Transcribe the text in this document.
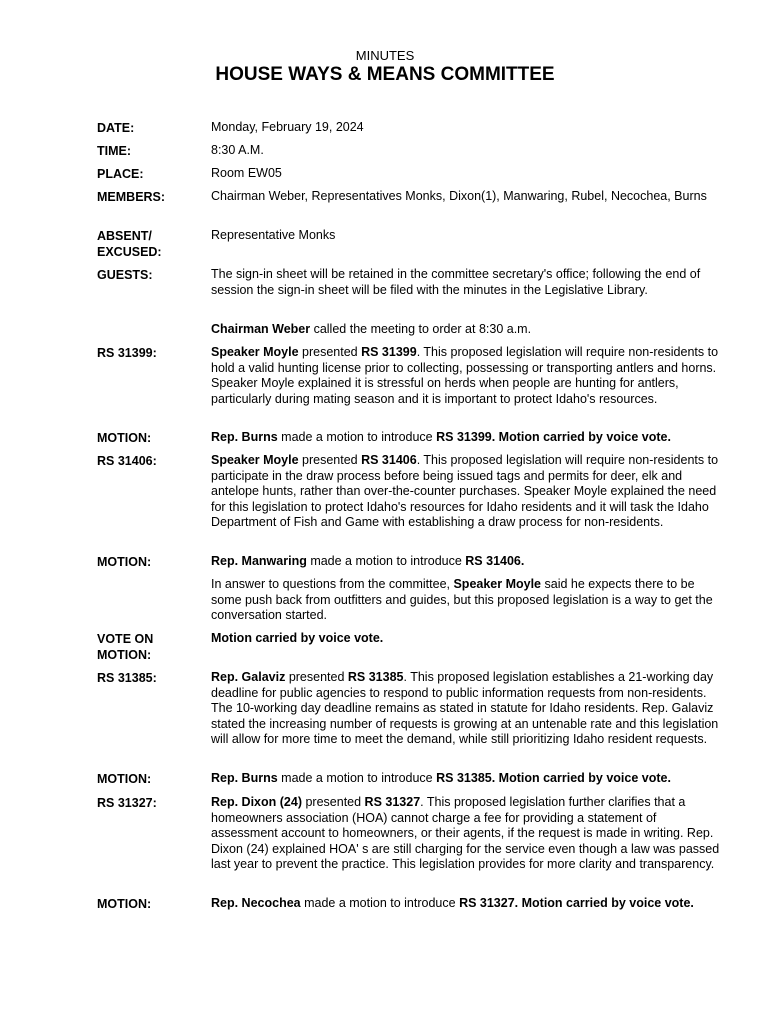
MINUTES
HOUSE WAYS & MEANS COMMITTEE
DATE:	Monday, February 19, 2024
TIME:	8:30 A.M.
PLACE:	Room EW05
MEMBERS:	Chairman Weber, Representatives Monks, Dixon(1), Manwaring, Rubel, Necochea, Burns
ABSENT/
EXCUSED:
Representative Monks
GUESTS:	The sign-in sheet will be retained in the committee secretary's office; following the end of session the sign-in sheet will be filed with the minutes in the Legislative Library.
Chairman Weber called the meeting to order at 8:30 a.m.
RS 31399:	Speaker Moyle presented RS 31399. This proposed legislation will require non-residents to hold a valid hunting license prior to collecting, possessing or transporting antlers and horns. Speaker Moyle explained it is stressful on herds when people are hunting for antlers, particularly during mating season and it is important to protect Idaho's resources.
MOTION:	Rep. Burns made a motion to introduce RS 31399. Motion carried by voice vote.
RS 31406:	Speaker Moyle presented RS 31406. This proposed legislation will require non-residents to participate in the draw process before being issued tags and permits for deer, elk and antelope hunts, rather than over-the-counter purchases. Speaker Moyle explained the need for this legislation to protect Idaho's resources for Idaho residents and it will task the Idaho Department of Fish and Game with establishing a draw process for non-residents.
MOTION:	Rep. Manwaring made a motion to introduce RS 31406.
In answer to questions from the committee, Speaker Moyle said he expects there to be some push back from outfitters and guides, but this proposed legislation is a way to get the conversation started.
VOTE ON MOTION:
Motion carried by voice vote.
RS 31385:	Rep. Galaviz presented RS 31385. This proposed legislation establishes a 21-working day deadline for public agencies to respond to public information requests from non-residents. The 10-working day deadline remains as stated in statute for Idaho residents. Rep. Galaviz stated the increasing number of requests is growing at an untenable rate and this legislation will allow for more time to meet the demand, while still prioritizing Idaho resident requests.
MOTION:	Rep. Burns made a motion to introduce RS 31385. Motion carried by voice vote.
RS 31327:	Rep. Dixon (24) presented RS 31327. This proposed legislation further clarifies that a homeowners association (HOA) cannot charge a fee for providing a statement of assessment account to homeowners, or their agents, if the request is made in writing. Rep. Dixon (24) explained HOA' s are still charging for the service even though a law was passed last year to prevent the practice. This legislation provides for more clarity and transparency.
MOTION:	Rep. Necochea made a motion to introduce RS 31327. Motion carried by voice vote.
